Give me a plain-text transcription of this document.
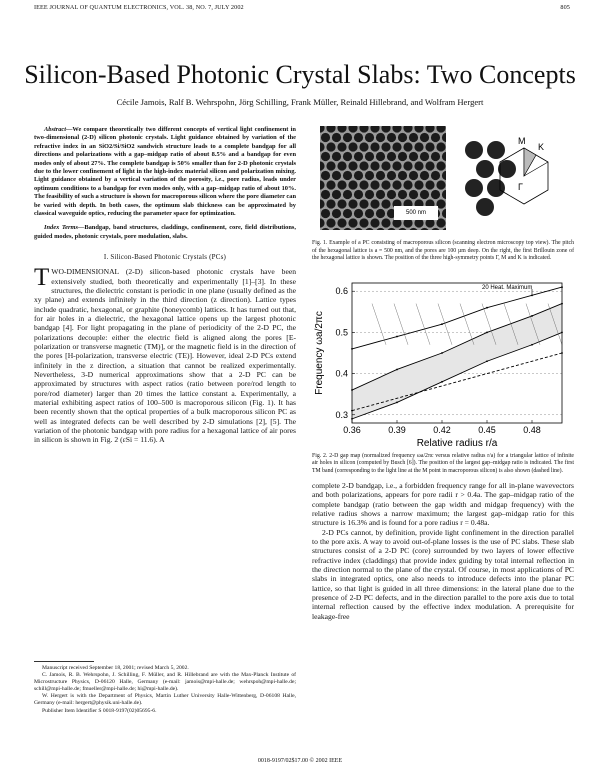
IEEE JOURNAL OF QUANTUM ELECTRONICS, VOL. 38, NO. 7, JULY 2002	805
Silicon-Based Photonic Crystal Slabs: Two Concepts
Cécile Jamois, Ralf B. Wehrspohn, Jörg Schilling, Frank Müller, Reinald Hillebrand, and Wolfram Hergert

Abstract—We compare theoretically two different concepts of vertical light confinement in two-dimensional (2-D) silicon photonic crystals. Light guidance obtained by variation of the refractive index in an SiO2/Si/SiO2 sandwich structure leads to a complete bandgap for all directions and polarizations with a gap–midgap ratio of about 8.5% and a bandgap for even modes only of about 27%. The complete bandgap is 50% smaller than for 2-D photonic crystals due to the lower confinement of light in the high-index material silicon and polarization mixing. Light guidance obtained by a vertical variation of the porosity, i.e., pore radius, leads under optimum conditions to a bandgap for even modes only, with a gap–midgap ratio of about 10%. The feasibility of such a structure is shown for macroporous silicon where the pore diameter can be varied with depth. In both cases, the optimum slab thickness can be approximated by classical waveguide optics, reducing the parameter space for optimization.

Index Terms—Bandgap, band structures, claddings, confinement, core, field distributions, guided modes, photonic crystals, pore modulation, slabs.

I. Silicon-Based Photonic Crystals (PCs)

TWO-DIMENSIONAL (2-D) silicon-based photonic crystals have been extensively studied, both theoretically and experimentally [1]–[3]. In these structures, the dielectric constant is periodic in one plane (usually defined as the xy plane) and extends infinitely in the third direction (z direction). Lattice types include quadratic, hexagonal, or graphite (honeycomb) lattices. It has turned out that, for air holes in a dielectric, the hexagonal lattice opens up the largest photonic bandgap [4]. For light propagating in the plane of periodicity of the 2-D PC, the polarizations decouple: either the electric field is aligned along the pores [E-polarization or transverse magnetic (TM)], or the magnetic field is in the direction of the pores [H-polarization, transverse electric (TE)]. However, ideal 2-D PCs extend infinitely in the z direction, a situation that cannot be realized experimentally. Nevertheless, 3-D numerical approximations show that a 2-D PC can be approximated by structures with aspect ratios (ratio between pore/rod length to pore/rod diameter) larger than 20 times the lattice constant a. Experimentally, a material exhibiting aspect ratios of 100–500 is macroporous silicon (Fig. 1). It has been recently shown that the optical properties of a bulk macroporous silicon PC as well as integrated defects can be well described by 2-D simulations [2], [5]. The variation of the photonic bandgap with pore radius for a hexagonal lattice of air pores in silicon is shown in Fig. 2 (εSi = 11.6). A

Manuscript received September 18, 2001; revised March 5, 2002.

C. Jamois, R. B. Wehrspohn, J. Schilling, F. Müller, and R. Hillebrand are with the Max-Planck Institute of Microstructure Physics, D-06120 Halle, Germany (e-mail: jamois@mpi-halle.de; wehrspoh@mpi-halle.de; schill@mpi-halle.de; fmueller@mpi-halle.de; hi@mpi-halle.de).

W. Hergert is with the Department of Physics, Martin Luther University Halle-Wittenberg, D-06108 Halle, Germany (e-mail: hergert@physik.uni-halle.de).

Publisher Item Identifier S 0018-9197(02)05695-6.

500 nm
M
K
Γ

Fig. 1. Example of a PC consisting of macroporous silicon (scanning electron microscopy top view). The pitch of the hexagonal lattice is a = 500 nm, and the pores are 100 µm deep. On the right, the first Brillouin zone of the hexagonal lattice is shown. The position of the three high-symmetry points Γ, M and K is indicated.

20 Heat. Maximum
0.36	0.39	0.42	0.45	0.48
0.3
0.4
0.5
0.6
Relative radius r/a
Frequency ωa/2πc

Fig. 2. 2-D gap map (normalized frequency ωa/2πc versus relative radius r/a) for a triangular lattice of infinite air holes in silicon (computed by Busch [6]). The position of the largest gap–midgap ratio is indicated. The first TM band (corresponding to the light line at the M point in macroporous silicon) is also shown (dashed line).

complete 2-D bandgap, i.e., a forbidden frequency range for all in-plane wavevectors and both polarizations, appears for pore radii r > 0.4a. The gap–midgap ratio of the complete bandgap (ratio between the gap width and midgap frequency) with the relative radius shows a narrow maximum; the largest gap–midgap ratio for this structure is 16.3% and is found for a pore radius r = 0.48a.

2-D PCs cannot, by definition, provide light confinement in the direction parallel to the pore axis. A way to avoid out-of-plane losses is the use of PC slabs. These slab structures consist of a 2-D PC (core) surrounded by two layers of lower effective refractive index (claddings) that provide index guiding by total internal reflection in the direction normal to the plane of the crystal. Of course, in most applications of PC slabs in integrated optics, one also needs to introduce defects into the planar PC lattice, so that light is guided in all three dimensions: in the lateral plane due to the presence of 2-D PC defects, and in the direction parallel to the pore axis due to total internal reflection caused by the effective index modulation. A prerequisite for leakage-free

0018-9197/02$17.00 © 2002 IEEE
